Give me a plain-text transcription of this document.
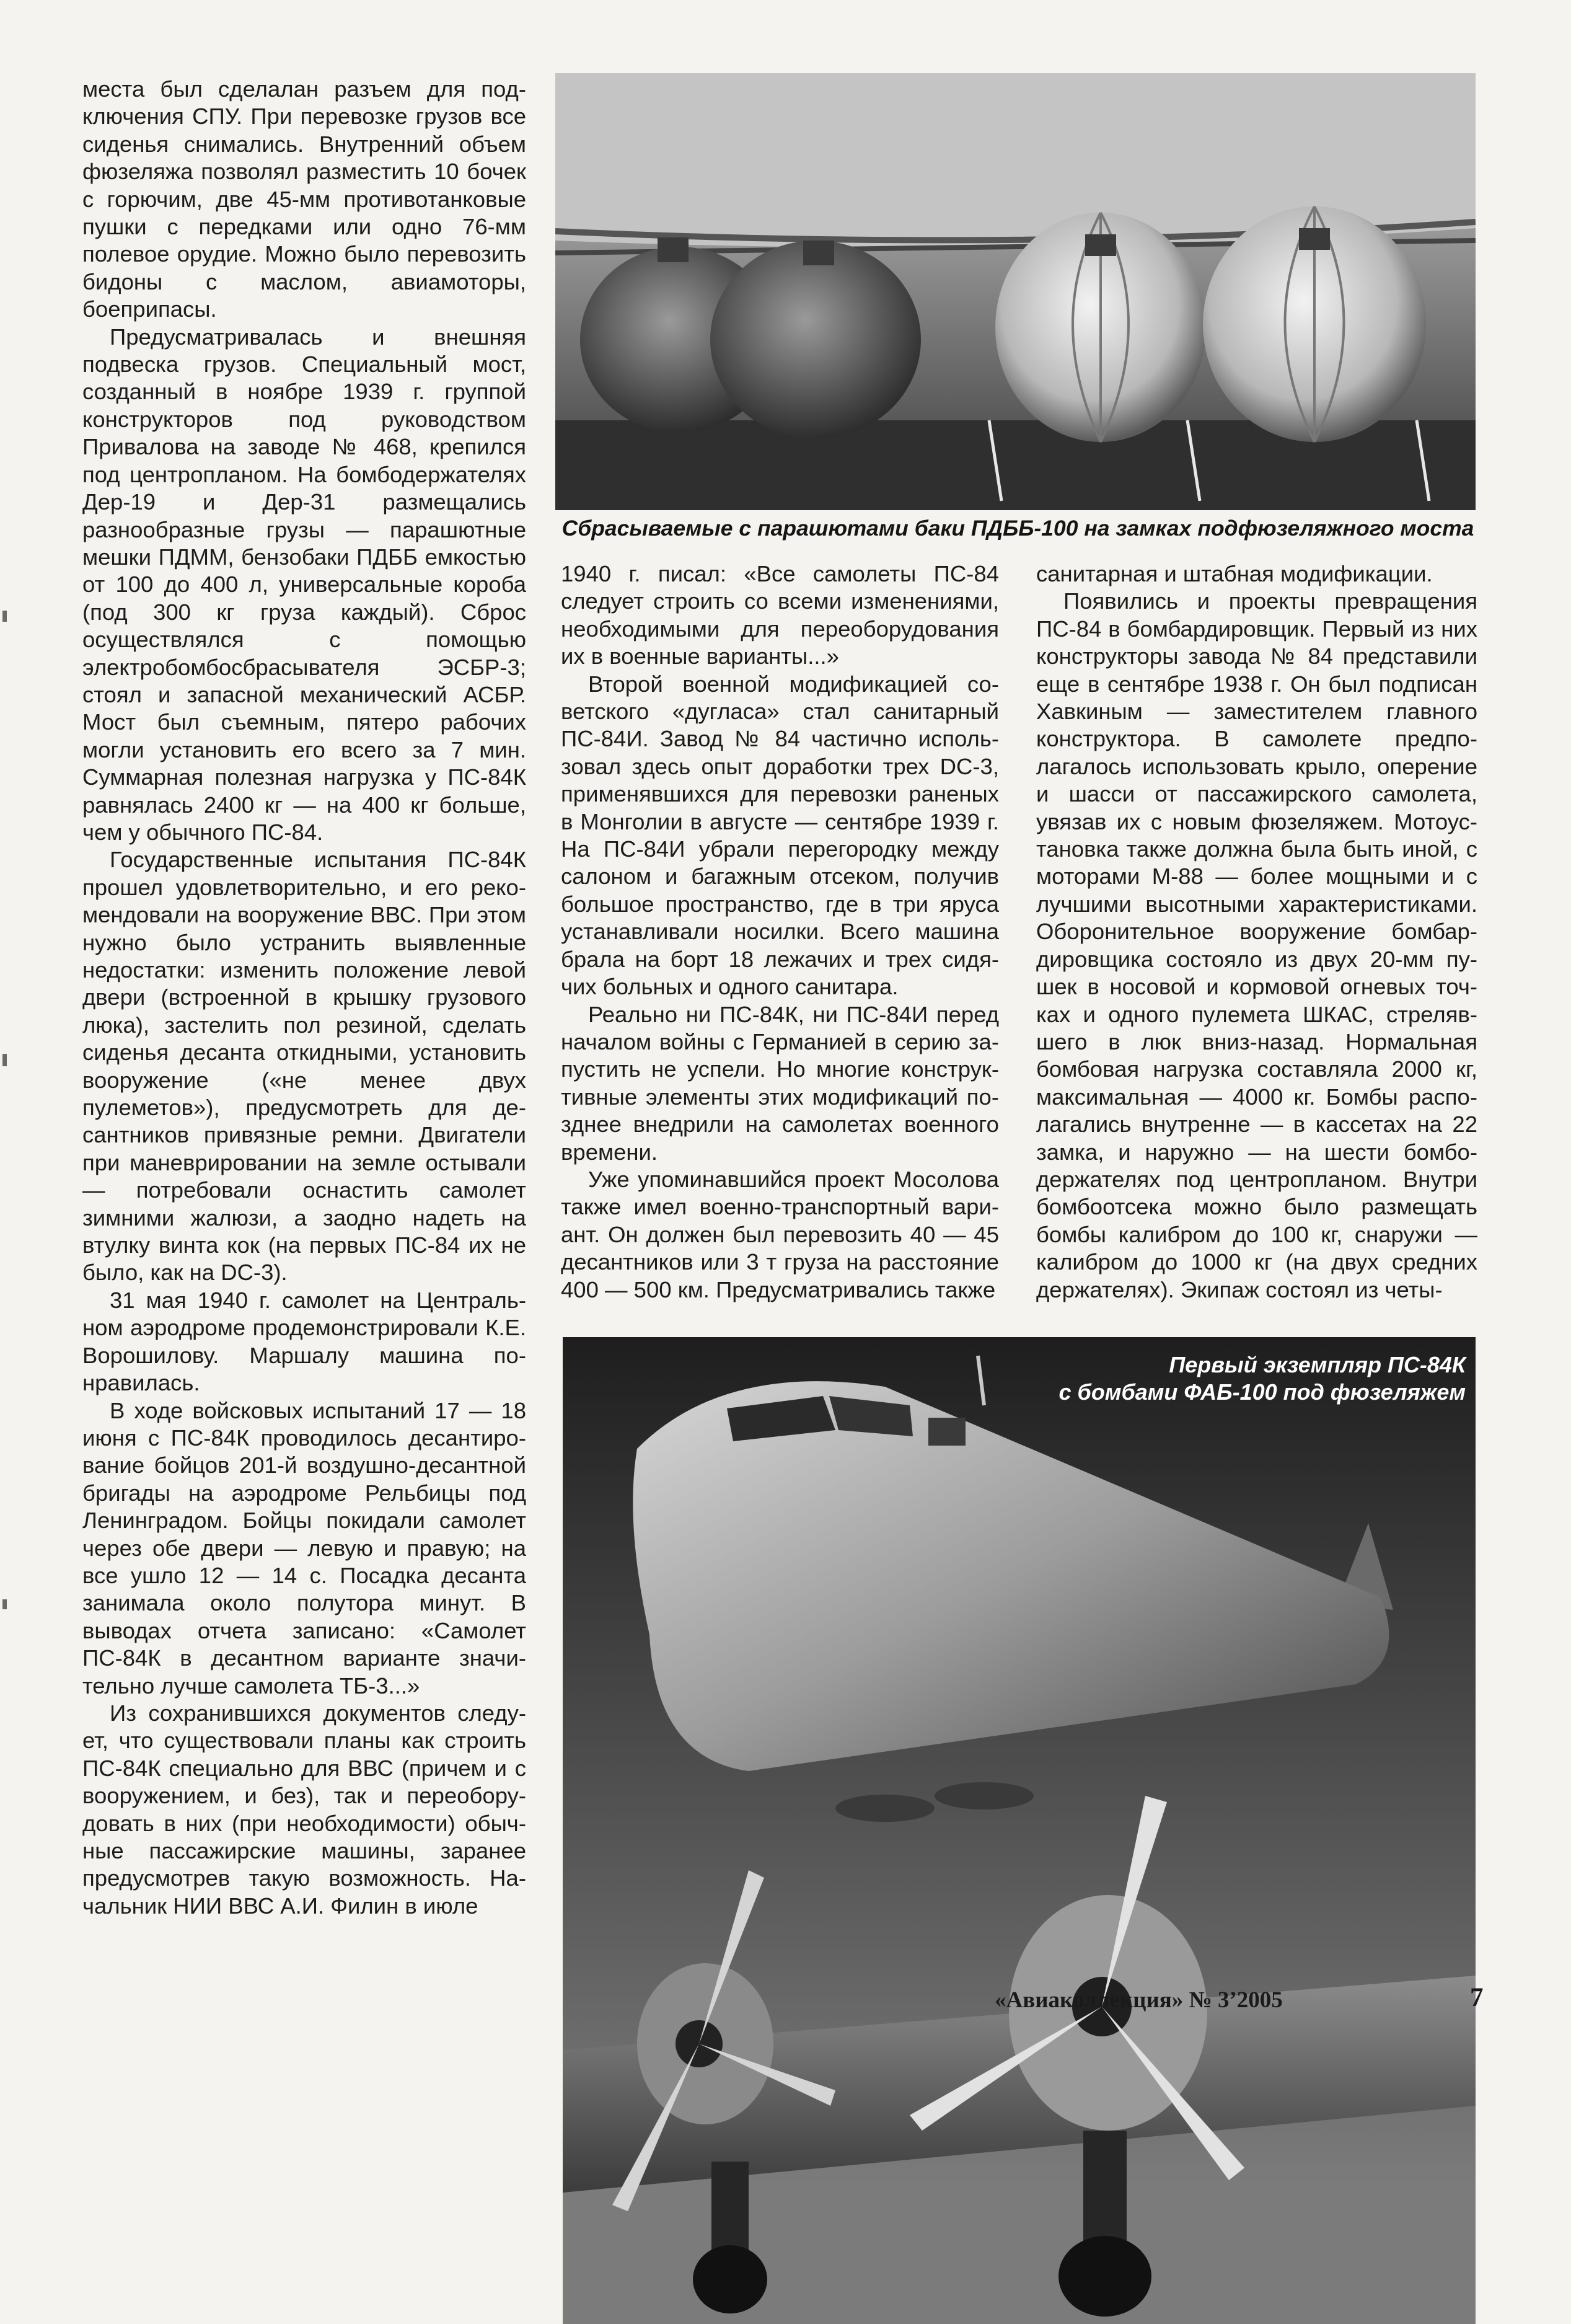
места был сделалан разъем для подключения СПУ. При перевозке грузов все сиденья снимались. Внутренний объем фюзеляжа позволял разместить 10 бочек с горючим, две 45-мм противотанковые пушки с передками или одно 76-мм полевое орудие. Можно было перевозить бидоны с маслом, авиамоторы, боеприпасы.

Предусматривалась и внешняя подвеска грузов. Специальный мост, созданный в ноябре 1939 г. группой конструкторов под руководством Привалова на заводе № 468, крепился под центропланом. На бомбодержателях Дер-19 и Дер-31 размещались разнообразные грузы — парашютные мешки ПДММ, бензобаки ПДББ емкостью от 100 до 400 л, универсальные короба (под 300 кг груза каждый). Сброс осуществлялся с помощью электробомбосбрасывателя ЭСБР-3; стоял и запасной механический АСБР. Мост был съемным, пятеро рабочих могли установить его всего за 7 мин. Суммарная полезная нагрузка у ПС-84К равнялась 2400 кг — на 400 кг больше, чем у обычного ПС-84.

Государственные испытания ПС-84К прошел удовлетворительно, и его рекомендовали на вооружение ВВС. При этом нужно было устранить выявленные недостатки: изменить положение левой двери (встроенной в крышку грузового люка), застелить пол резиной, сделать сиденья десанта откидными, установить вооружение («не менее двух пулеметов»), предусмотреть для десантников привязные ремни. Двигатели при маневрировании на земле остывали — потребовали оснастить самолет зимними жалюзи, а заодно надеть на втулку винта кок (на первых ПС-84 их не было, как на DC-3).

31 мая 1940 г. самолет на Центральном аэродроме продемонстрировали К.Е. Ворошилову. Маршалу машина понравилась.

В ходе войсковых испытаний 17 — 18 июня с ПС-84К проводилось десантирование бойцов 201-й воздушно-десантной бригады на аэродроме Рельбицы под Ленинградом. Бойцы покидали самолет через обе двери — левую и правую; на все ушло 12 — 14 с. Посадка десанта занимала около полутора минут. В выводах отчета записано: «Самолет ПС-84К в десантном варианте значительно лучше самолета ТБ-3...»

Из сохранившихся документов следует, что существовали планы как строить ПС-84К специально для ВВС (причем и с вооружением, и без), так и переоборудовать в них (при необходимости) обычные пассажирские машины, заранее предусмотрев такую возможность. Начальник НИИ ВВС А.И. Филин в июле

Сбрасываемые с парашютами баки ПДББ-100 на замках подфюзеляжного моста

1940 г. писал: «Все самолеты ПС-84 следует строить со всеми изменениями, необходимыми для переоборудования их в военные варианты...»

Второй военной модификацией советского «дугласа» стал санитарный ПС-84И. Завод № 84 частично использовал здесь опыт доработки трех DC-3, применявшихся для перевозки раненых в Монголии в августе — сентябре 1939 г. На ПС-84И убрали перегородку между салоном и багажным отсеком, получив большое пространство, где в три яруса устанавливали носилки. Всего машина брала на борт 18 лежачих и трех сидячих больных и одного санитара.

Реально ни ПС-84К, ни ПС-84И перед началом войны с Германией в серию запустить не успели. Но многие конструктивные элементы этих модификаций позднее внедрили на самолетах военного времени.

Уже упоминавшийся проект Мосолова также имел военно-транспортный вариант. Он должен был перевозить 40 — 45 десантников или 3 т груза на расстояние 400 — 500 км. Предусматривались также

санитарная и штабная модификации.

Появились и проекты превращения ПС-84 в бомбардировщик. Первый из них конструкторы завода № 84 представили еще в сентябре 1938 г. Он был подписан Хавкиным — заместителем главного конструктора. В самолете предполагалось использовать крыло, оперение и шасси от пассажирского самолета, увязав их с новым фюзеляжем. Мотоустановка также должна была быть иной, с моторами М-88 — более мощными и с лучшими высотными характеристиками. Оборонительное вооружение бомбардировщика состояло из двух 20-мм пушек в носовой и кормовой огневых точках и одного пулемета ШКАС, стрелявшего в люк вниз-назад. Нормальная бомбовая нагрузка составляла 2000 кг, максимальная — 4000 кг. Бомбы располагались внутренне — в кассетах на 22 замка, и наружно — на шести бомбодержателях под центропланом. Внутри бомбоотсека можно было размещать бомбы калибром до 100 кг, снаружи — калибром до 1000 кг (на двух средних держателях). Экипаж состоял из четы-

Первый экземпляр ПС-84К
с бомбами ФАБ-100 под фюзеляжем
«Авиаколлекция» № 3’2005	7
